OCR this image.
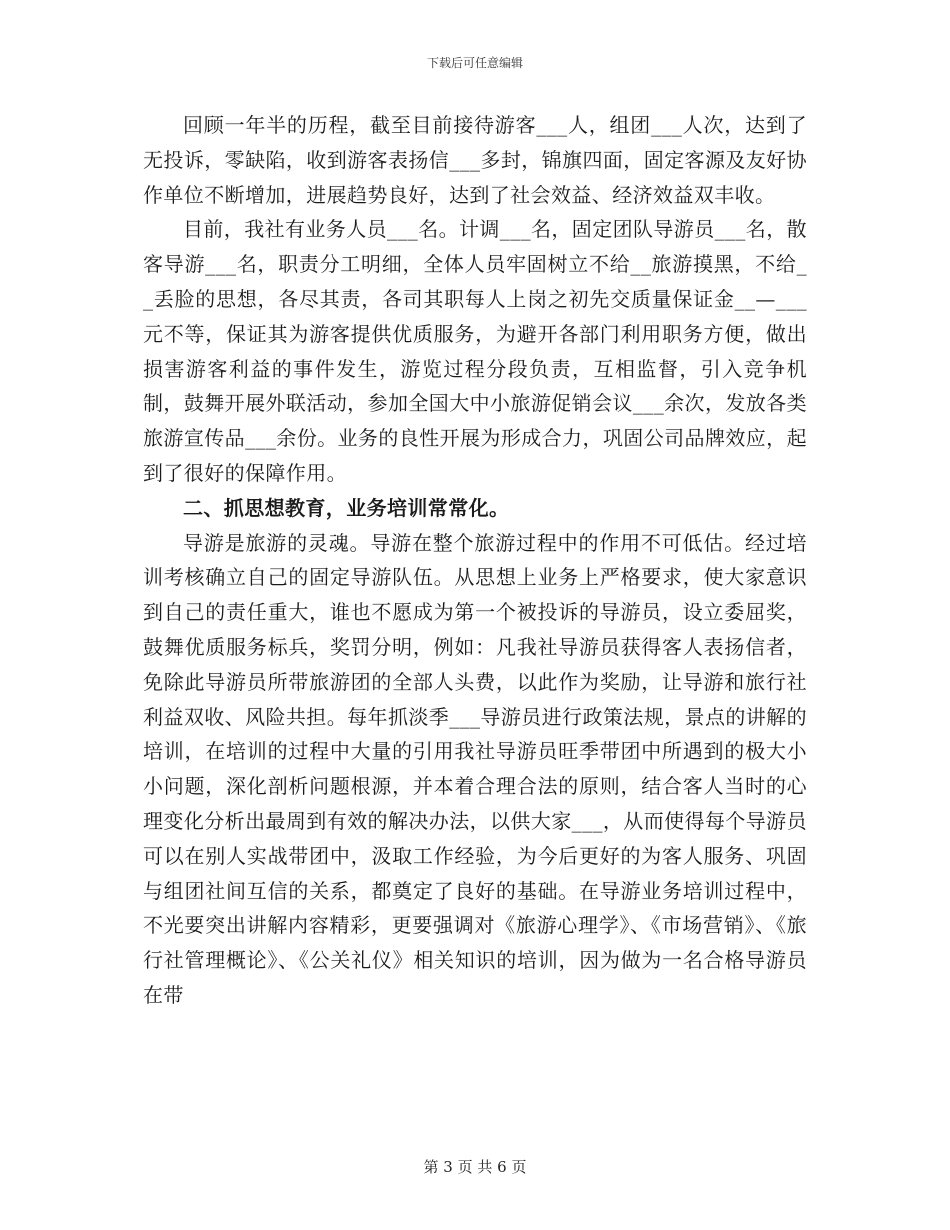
下载后可任意编辑

回顾一年半的历程，截至目前接待游客___人，组团___人次，达到了无投诉，零缺陷，收到游客表扬信___多封，锦旗四面，固定客源及友好协作单位不断增加，进展趋势良好，达到了社会效益、经济效益双丰收。

目前，我社有业务人员___名。计调___名，固定团队导游员___名，散客导游___名，职责分工明细，全体人员牢固树立不给__旅游摸黑，不给__丢脸的思想，各尽其责，各司其职每人上岗之初先交质量保证金__—___元不等，保证其为游客提供优质服务，为避开各部门利用职务方便，做出损害游客利益的事件发生，游览过程分段负责，互相监督，引入竞争机制，鼓舞开展外联活动，参加全国大中小旅游促销会议___余次，发放各类旅游宣传品___余份。业务的良性开展为形成合力，巩固公司品牌效应，起到了很好的保障作用。

二、抓思想教育，业务培训常常化。

导游是旅游的灵魂。导游在整个旅游过程中的作用不可低估。经过培训考核确立自己的固定导游队伍。从思想上业务上严格要求，使大家意识到自己的责任重大，谁也不愿成为第一个被投诉的导游员，设立委屈奖，鼓舞优质服务标兵，奖罚分明，例如：凡我社导游员获得客人表扬信者，免除此导游员所带旅游团的全部人头费，以此作为奖励，让导游和旅行社利益双收、风险共担。每年抓淡季___导游员进行政策法规，景点的讲解的培训，在培训的过程中大量的引用我社导游员旺季带团中所遇到的极大小小问题，深化剖析问题根源，并本着合理合法的原则，结合客人当时的心理变化分析出最周到有效的解决办法，以供大家___，从而使得每个导游员可以在别人实战带团中，汲取工作经验，为今后更好的为客人服务、巩固与组团社间互信的关系，都奠定了良好的基础。在导游业务培训过程中，不光要突出讲解内容精彩，更要强调对《旅游心理学》、《市场营销》、《旅行社管理概论》、《公关礼仪》相关知识的培训，因为做为一名合格导游员在带

第 3 页 共 6 页
